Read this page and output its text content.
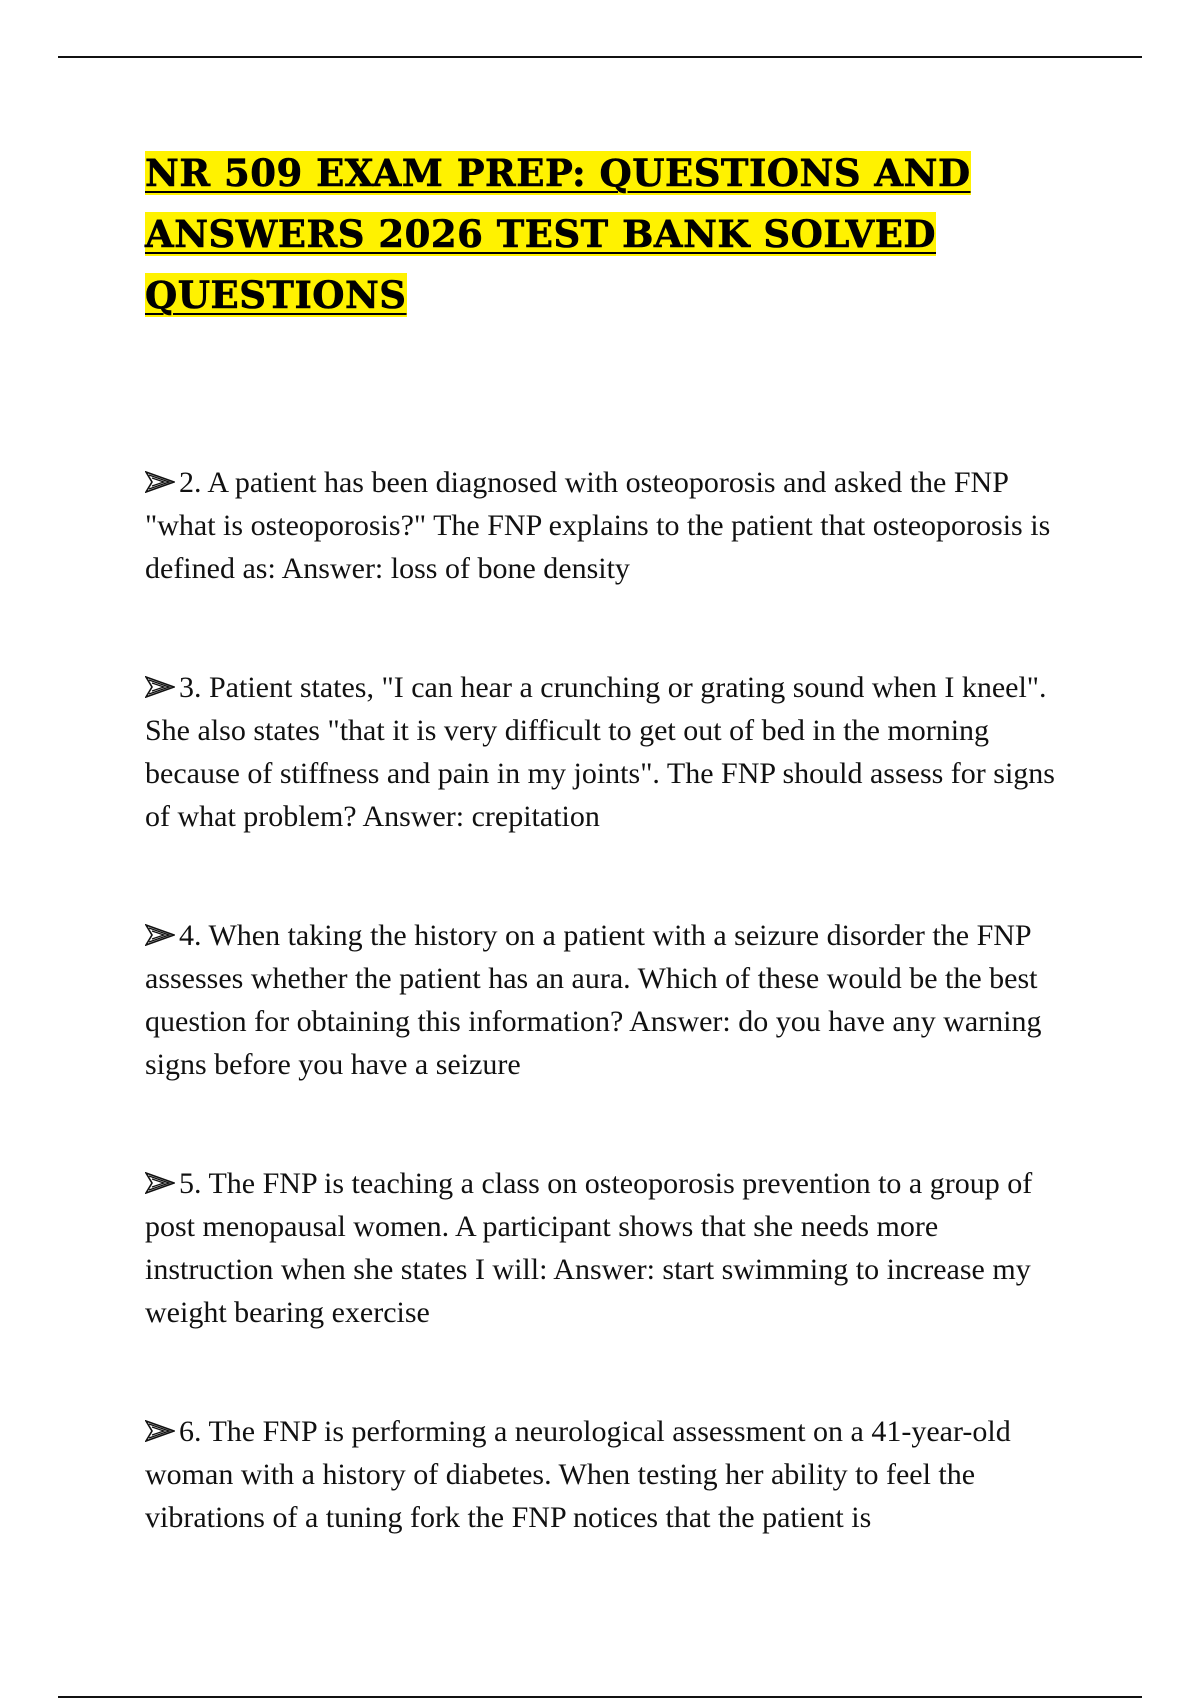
NR 509 EXAM PREP: QUESTIONS AND
ANSWERS 2026 TEST BANK SOLVED
QUESTIONS

2. A patient has been diagnosed with osteoporosis and asked the FNP "what is osteoporosis?" The FNP explains to the patient that osteoporosis is defined as: Answer: loss of bone density

3. Patient states, "I can hear a crunching or grating sound when I kneel". She also states "that it is very difficult to get out of bed in the morning because of stiffness and pain in my joints". The FNP should assess for signs of what problem? Answer: crepitation

4. When taking the history on a patient with a seizure disorder the FNP assesses whether the patient has an aura. Which of these would be the best question for obtaining this information? Answer: do you have any warning signs before you have a seizure

5. The FNP is teaching a class on osteoporosis prevention to a group of post menopausal women. A participant shows that she needs more instruction when she states I will: Answer: start swimming to increase my weight bearing exercise

6. The FNP is performing a neurological assessment on a 41-year-old woman with a history of diabetes. When testing her ability to feel the vibrations of a tuning fork the FNP notices that the patient is
